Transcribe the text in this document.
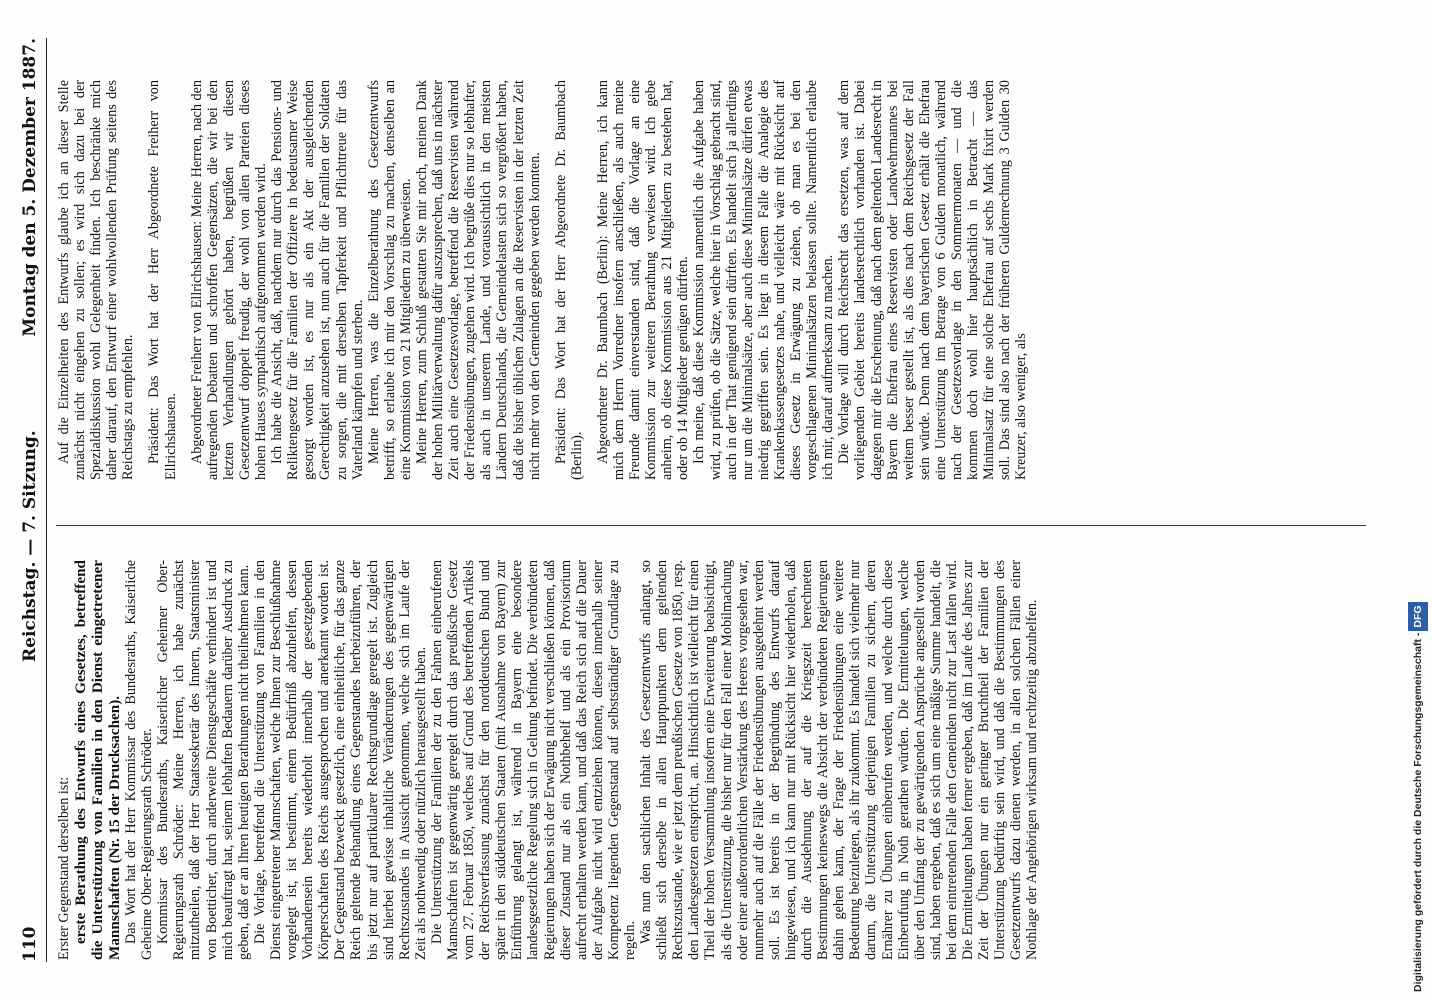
110
Reichstag. — 7. Sitzung.
Montag den 5. Dezember 1887.

Erster Gegenstand derselben ist: erste Berathung des Entwurfs eines Gesetzes, betreffend die Unterstützung von Familien in den Dienst eingetretener Mannschaften (Nr. 15 der Drucksachen). Das Wort hat der Herr Kommissar des Bundesraths, Kaiserliche Geheime Ober-Regierungsrath Schröder. Kommissar des Bundesraths, Kaiserlicher Geheimer Ober-Regierungsrath Schröder: Meine Herren, ich habe zunächst mitzutheilen, daß der Herr Staatssekretär des Innern, Staatsminister von Boetticher, durch anderweite Dienstgeschäfte verhindert ist und mich beauftragt hat, seinem lebhaften Bedauern darüber Ausdruck zu geben, daß er an Ihren heutigen Berathungen nicht theilnehmen kann. Die Vorlage, betreffend die Unterstützung von Familien in den Dienst eingetretener Mannschaften, welche Ihnen zur Beschlußnahme vorgelegt ist, ist bestimmt, einem Bedürfniß abzuhelfen, dessen Vorhandensein bereits wiederholt innerhalb der gesetzgebenden Körperschaften des Reichs ausgesprochen und anerkannt worden ist. Der Gegenstand bezweckt gesetzlich, eine einheitliche, für das ganze Reich geltende Behandlung eines Gegenstandes herbeizuführen, der bis jetzt nur auf partikularer Rechtsgrundlage geregelt ist. Zugleich sind hierbei gewisse inhaltliche Veränderungen des gegenwärtigen Rechtszustandes in Aussicht genommen, welche sich im Laufe der Zeit als nothwendig oder nützlich herausgestellt haben. Die Unterstützung der Familien der zu den Fahnen einberufenen Mannschaften ist gegenwärtig geregelt durch das preußische Gesetz vom 27. Februar 1850, welches auf Grund des betreffenden Artikels der Reichsverfassung zunächst für den norddeutschen Bund und später in den süddeutschen Staaten (mit Ausnahme von Bayern) zur Einführung gelangt ist, während in Bayern eine besondere landesgesetzliche Regelung sich in Geltung befindet. Die verbündeten Regierungen haben sich der Erwägung nicht verschließen können, daß dieser Zustand nur als ein Nothbehelf und als ein Provisorium aufrecht erhalten werden kann, und daß das Reich sich auf die Dauer der Aufgabe nicht wird entziehen können, diesen innerhalb seiner Kompetenz liegenden Gegenstand auf selbstständiger Grundlage zu regeln. Was nun den sachlichen Inhalt des Gesetzentwurfs anlangt, so schließt sich derselbe in allen Hauptpunkten dem geltenden Rechtszustande, wie er jetzt dem preußischen Gesetze von 1850, resp. den Landesgesetzen entspricht, an. Hinsichtlich ist vielleicht für einen Theil der hohen Versammlung insofern eine Erweiterung beabsichtigt, als die Unterstützung, die bisher nur für den Fall einer Mobilmachung oder einer außerordentlichen Verstärkung des Heeres vorgesehen war, nunmehr auch auf die Fälle der Friedensübungen ausgedehnt werden soll. Es ist bereits in der Begründung des Entwurfs darauf hingewiesen, und ich kann nur mit Rücksicht hier wiederholen, daß durch die Ausdehnung der auf die Kriegszeit berechneten Bestimmungen keineswegs die Absicht der verbündeten Regierungen dahin gehen kann, der Frage der Friedensübungen eine weitere Bedeutung beizulegen, als ihr zukommt. Es handelt sich vielmehr nur darum, die Unterstützung derjenigen Familien zu sichern, deren Ernährer zu Übungen einberufen werden, und welche durch diese Einberufung in Noth gerathen würden. Die Ermittelungen, welche über den Umfang der zu gewärtigenden Ansprüche angestellt worden sind, haben ergeben, daß es sich um eine mäßige Summe handelt, die bei dem eintretenden Falle den Gemeinden nicht zur Last fallen wird. Die Ermittelungen haben ferner ergeben, daß im Laufe des Jahres zur Zeit der Übungen nur ein geringer Bruchtheil der Familien der Unterstützung bedürftig sein wird, und daß die Bestimmungen des Gesetzentwurfs dazu dienen werden, in allen solchen Fällen einer Nothlage der Angehörigen wirksam und rechtzeitig abzuhelfen.

Auf die Einzelheiten des Entwurfs glaube ich an dieser Stelle zunächst nicht eingehen zu sollen; es wird sich dazu bei der Spezialdiskussion wohl Gelegenheit finden. Ich beschränke mich daher darauf, den Entwurf einer wohlwollenden Prüfung seitens des Reichstags zu empfehlen. Präsident: Das Wort hat der Herr Abgeordnete Freiherr von Ellrichshausen. Abgeordneter Freiherr von Ellrichshausen: Meine Herren, nach den aufregenden Debatten und schroffen Gegensätzen, die wir bei den letzten Verhandlungen gehört haben, begrüßen wir diesen Gesetzentwurf doppelt freudig, der wohl von allen Parteien dieses hohen Hauses sympathisch aufgenommen werden wird. Ich habe die Ansicht, daß, nachdem nur durch das Pensions- und Reliktengesetz für die Familien der Offiziere in bedeutsamer Weise gesorgt worden ist, es nur als ein Akt der ausgleichenden Gerechtigkeit anzusehen ist, nun auch für die Familien der Soldaten zu sorgen, die mit derselben Tapferkeit und Pflichttreue für das Vaterland kämpfen und sterben. Meine Herren, was die Einzelberathung des Gesetzentwurfs betrifft, so erlaube ich mir den Vorschlag zu machen, denselben an eine Kommission von 21 Mitgliedern zu überweisen. Meine Herren, zum Schluß gestatten Sie mir noch, meinen Dank der hohen Militärverwaltung dafür auszusprechen, daß uns in nächster Zeit auch eine Gesetzesvorlage, betreffend die Reservisten während der Friedensübungen, zugehen wird. Ich begrüße dies nur so lebhafter, als auch in unserem Lande, und voraussichtlich in den meisten Ländern Deutschlands, die Gemeindelasten sich so vergrößert haben, daß die bisher üblichen Zulagen an die Reservisten in der letzten Zeit nicht mehr von den Gemeinden gegeben werden konnten. Präsident: Das Wort hat der Herr Abgeordnete Dr. Baumbach (Berlin). Abgeordneter Dr. Baumbach (Berlin): Meine Herren, ich kann mich dem Herrn Vorredner insofern anschließen, als auch meine Freunde damit einverstanden sind, daß die Vorlage an eine Kommission zur weiteren Berathung verwiesen wird. Ich gebe anheim, ob diese Kommission aus 21 Mitgliedern zu bestehen hat, oder ob 14 Mitglieder genügen dürften. Ich meine, daß diese Kommission namentlich die Aufgabe haben wird, zu prüfen, ob die Sätze, welche hier in Vorschlag gebracht sind, auch in der That genügend sein dürften. Es handelt sich ja allerdings nur um die Minimalsätze, aber auch diese Minimalsätze dürfen etwas niedrig gegriffen sein. Es liegt in diesem Falle die Analogie des Krankenkassengesetzes nahe, und vielleicht wäre mit Rücksicht auf dieses Gesetz in Erwägung zu ziehen, ob man es bei den vorgeschlagenen Minimalsätzen belassen sollte. Namentlich erlaube ich mir, darauf aufmerksam zu machen. Die Vorlage will durch Reichsrecht das ersetzen, was auf dem vorliegenden Gebiet bereits landesrechtlich vorhanden ist. Dabei dagegen mir die Erscheinung, daß nach dem geltenden Landesrecht in Bayern die Ehefrau eines Reservisten oder Landwehrmannes bei weitem besser gestellt ist, als dies nach dem Reichsgesetz der Fall sein würde. Denn nach dem bayerischen Gesetz erhält die Ehefrau eine Unterstützung im Betrage von 6 Gulden monatlich, während nach der Gesetzesvorlage in den Sommermonaten — und die kommen doch wohl hier hauptsächlich in Betracht — das Minimalsatz für eine solche Ehefrau auf sechs Mark fixirt werden soll. Das sind also nach der früheren Guldenrechnung 3 Gulden 30 Kreuzer, also weniger, als

Digitalisierung gefördert durch die Deutsche Forschungsgemeinschaft -DFG
